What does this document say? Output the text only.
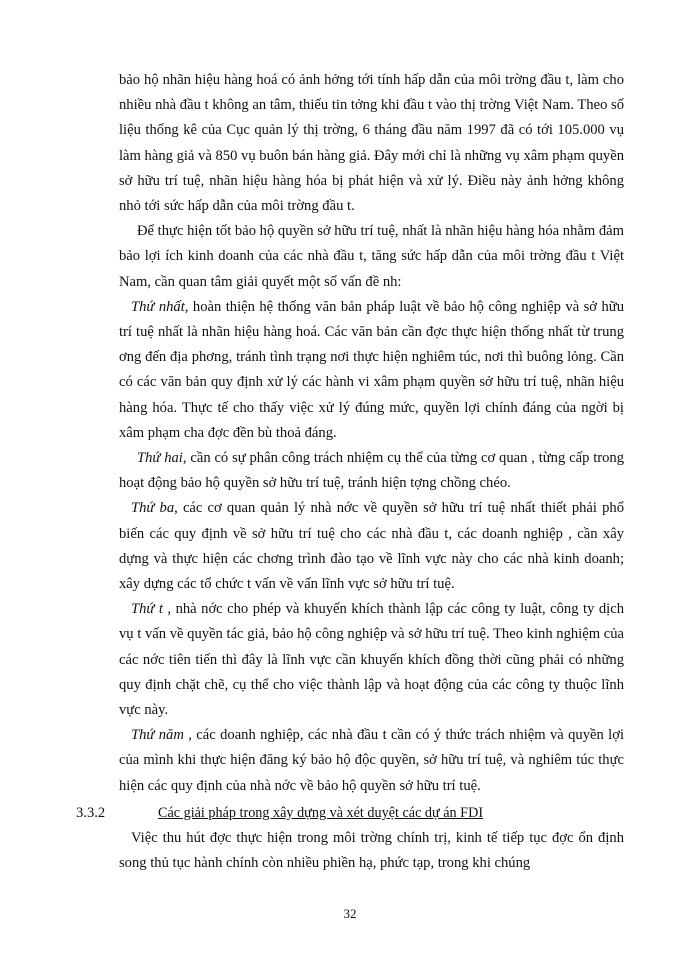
bảo hộ nhãn hiệu hàng hoá có ảnh hởng tới tính hấp dẫn của môi trờng đầu t, làm cho nhiều nhà đầu t không an tâm, thiếu tin tởng khi đầu t vào thị trờng Việt Nam. Theo số liệu thống kê của Cục quản lý thị trờng, 6 tháng đầu năm 1997 đã có tới 105.000 vụ làm hàng giả và 850 vụ buôn bán hàng giả. Đây mới chỉ là những vụ xâm phạm quyền sở hữu trí tuệ, nhãn hiệu hàng hóa bị phát hiện và xử lý. Điều này ảnh hởng không nhỏ tới sức hấp dẫn của môi trờng đầu t.

Để thực hiện tốt bảo hộ quyền sở hữu trí tuệ, nhất là nhãn hiệu hàng hóa nhằm đảm bảo lợi ích kinh doanh của các nhà đầu t, tăng sức hấp dẫn của môi trờng đầu t Việt Nam, cần quan tâm giải quyết một số vấn đề nh:

Thứ nhất, hoàn thiện hệ thống văn bản pháp luật về bảo hộ công nghiệp và sở hữu trí tuệ nhất là nhãn hiệu hàng hoá. Các văn bản cần đợc thực hiện thống nhất từ trung ơng đến địa phơng, tránh tình trạng nơi thực hiện nghiêm túc, nơi thì buông lỏng. Cần có các văn bản quy định xử lý các hành vi xâm phạm quyền sở hữu trí tuệ, nhãn hiệu hàng hóa. Thực tế cho thấy việc xử lý đúng mức, quyền lợi chính đáng của ngời bị xâm phạm cha đợc đền bù thoả đáng.

Thứ hai, cần có sự phân công trách nhiệm cụ thể của từng cơ quan , từng cấp trong hoạt động bảo hộ quyền sở hữu trí tuệ, tránh hiện tợng chồng chéo.

Thứ ba, các cơ quan quản lý nhà nớc về quyền sở hữu trí tuệ nhất thiết phải phổ biến các quy định về sở hữu trí tuệ cho các nhà đầu t, các doanh nghiệp , cần xây dựng và thực hiện các chơng trình đào tạo về lĩnh vực này cho các nhà kinh doanh; xây dựng các tổ chức t vấn về vấn lĩnh vực sở hữu trí tuệ.

Thứ t , nhà nớc cho phép và khuyến khích thành lập các công ty luật, công ty dịch vụ t vấn về quyền tác giả, bảo hộ công nghiệp và sở hữu trí tuệ. Theo kinh nghiệm của các nớc tiên tiến thì đây là lĩnh vực cần khuyến khích đồng thời cũng phải có những quy định chặt chẽ, cụ thể cho việc thành lập và hoạt động của các công ty thuộc lĩnh vực này.

Thứ năm , các doanh nghiệp, các nhà đầu t cần có ý thức trách nhiệm và quyền lợi của mình khi thực hiện đăng ký bảo hộ độc quyền, sở hữu trí tuệ, và nghiêm túc thực hiện các quy định của nhà nớc về bảo hộ quyền sở hữu trí tuệ.

3.3.2	Các giải pháp trong xây dựng và xét duyệt các dự án FDI

Việc thu hút đợc thực hiện trong môi trờng chính trị, kinh tế tiếp tục đợc ổn định song thủ tục hành chính còn nhiều phiền hạ, phức tạp, trong khi chúng

32
